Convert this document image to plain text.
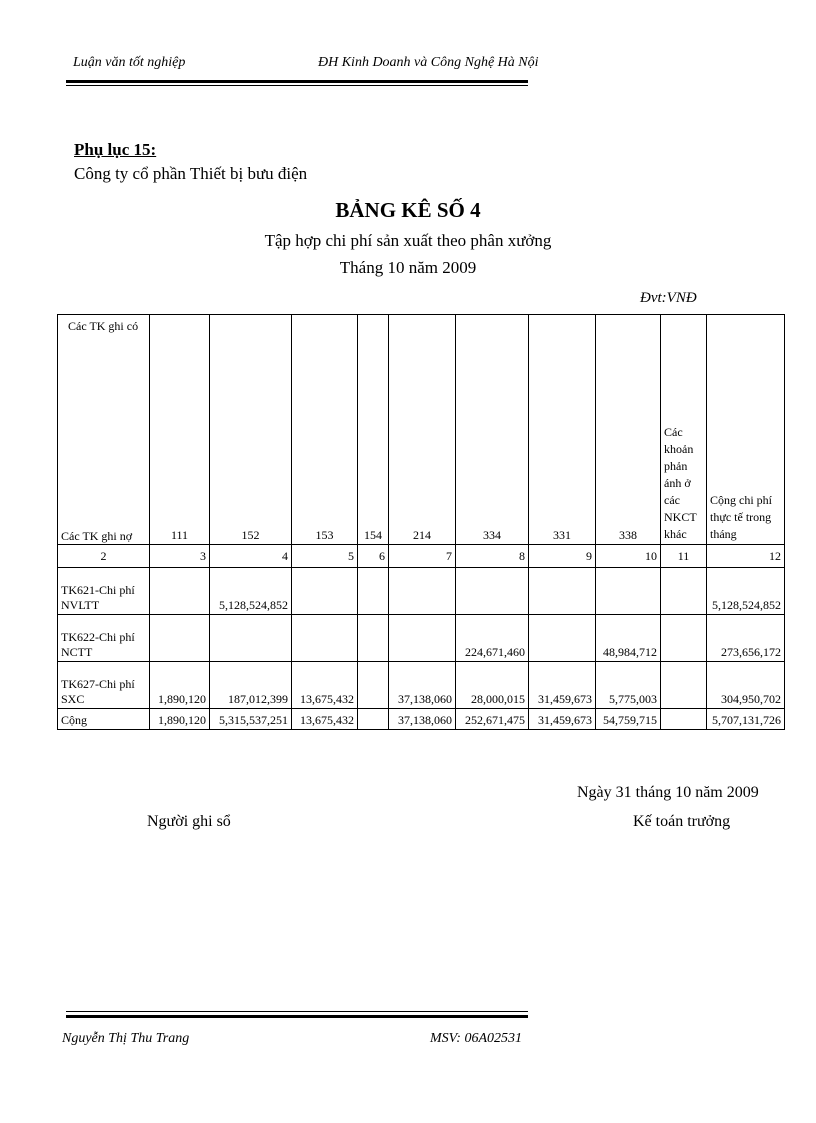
Luận văn tốt nghiệp	ĐH Kinh Doanh và Công Nghệ Hà Nội
Phụ lục 15:
Công ty cổ phần Thiết bị bưu điện
BẢNG KÊ SỐ 4
Tập hợp chi phí sản xuất theo phân xưởng
Tháng 10 năm 2009
Đvt:VNĐ
Các TK ghi có
Các TK ghi nợ	111	152	153	154	214	334	331	338	Các khoản phản ánh ở các NKCT khác	Cộng chi phí thực tế trong tháng
2	3	4	5	6	7	8	9	10	11	12
TK621-Chi phí NVLTT		5,128,524,852								5,128,524,852
TK622-Chi phí NCTT						224,671,460		48,984,712		273,656,172
TK627-Chi phí SXC	1,890,120	187,012,399	13,675,432		37,138,060	28,000,015	31,459,673	5,775,003		304,950,702
Cộng	1,890,120	5,315,537,251	13,675,432		37,138,060	252,671,475	31,459,673	54,759,715		5,707,131,726
Ngày 31 tháng 10 năm 2009
Người ghi sổ	Kế toán trưởng
Nguyễn Thị Thu Trang	MSV: 06A02531
